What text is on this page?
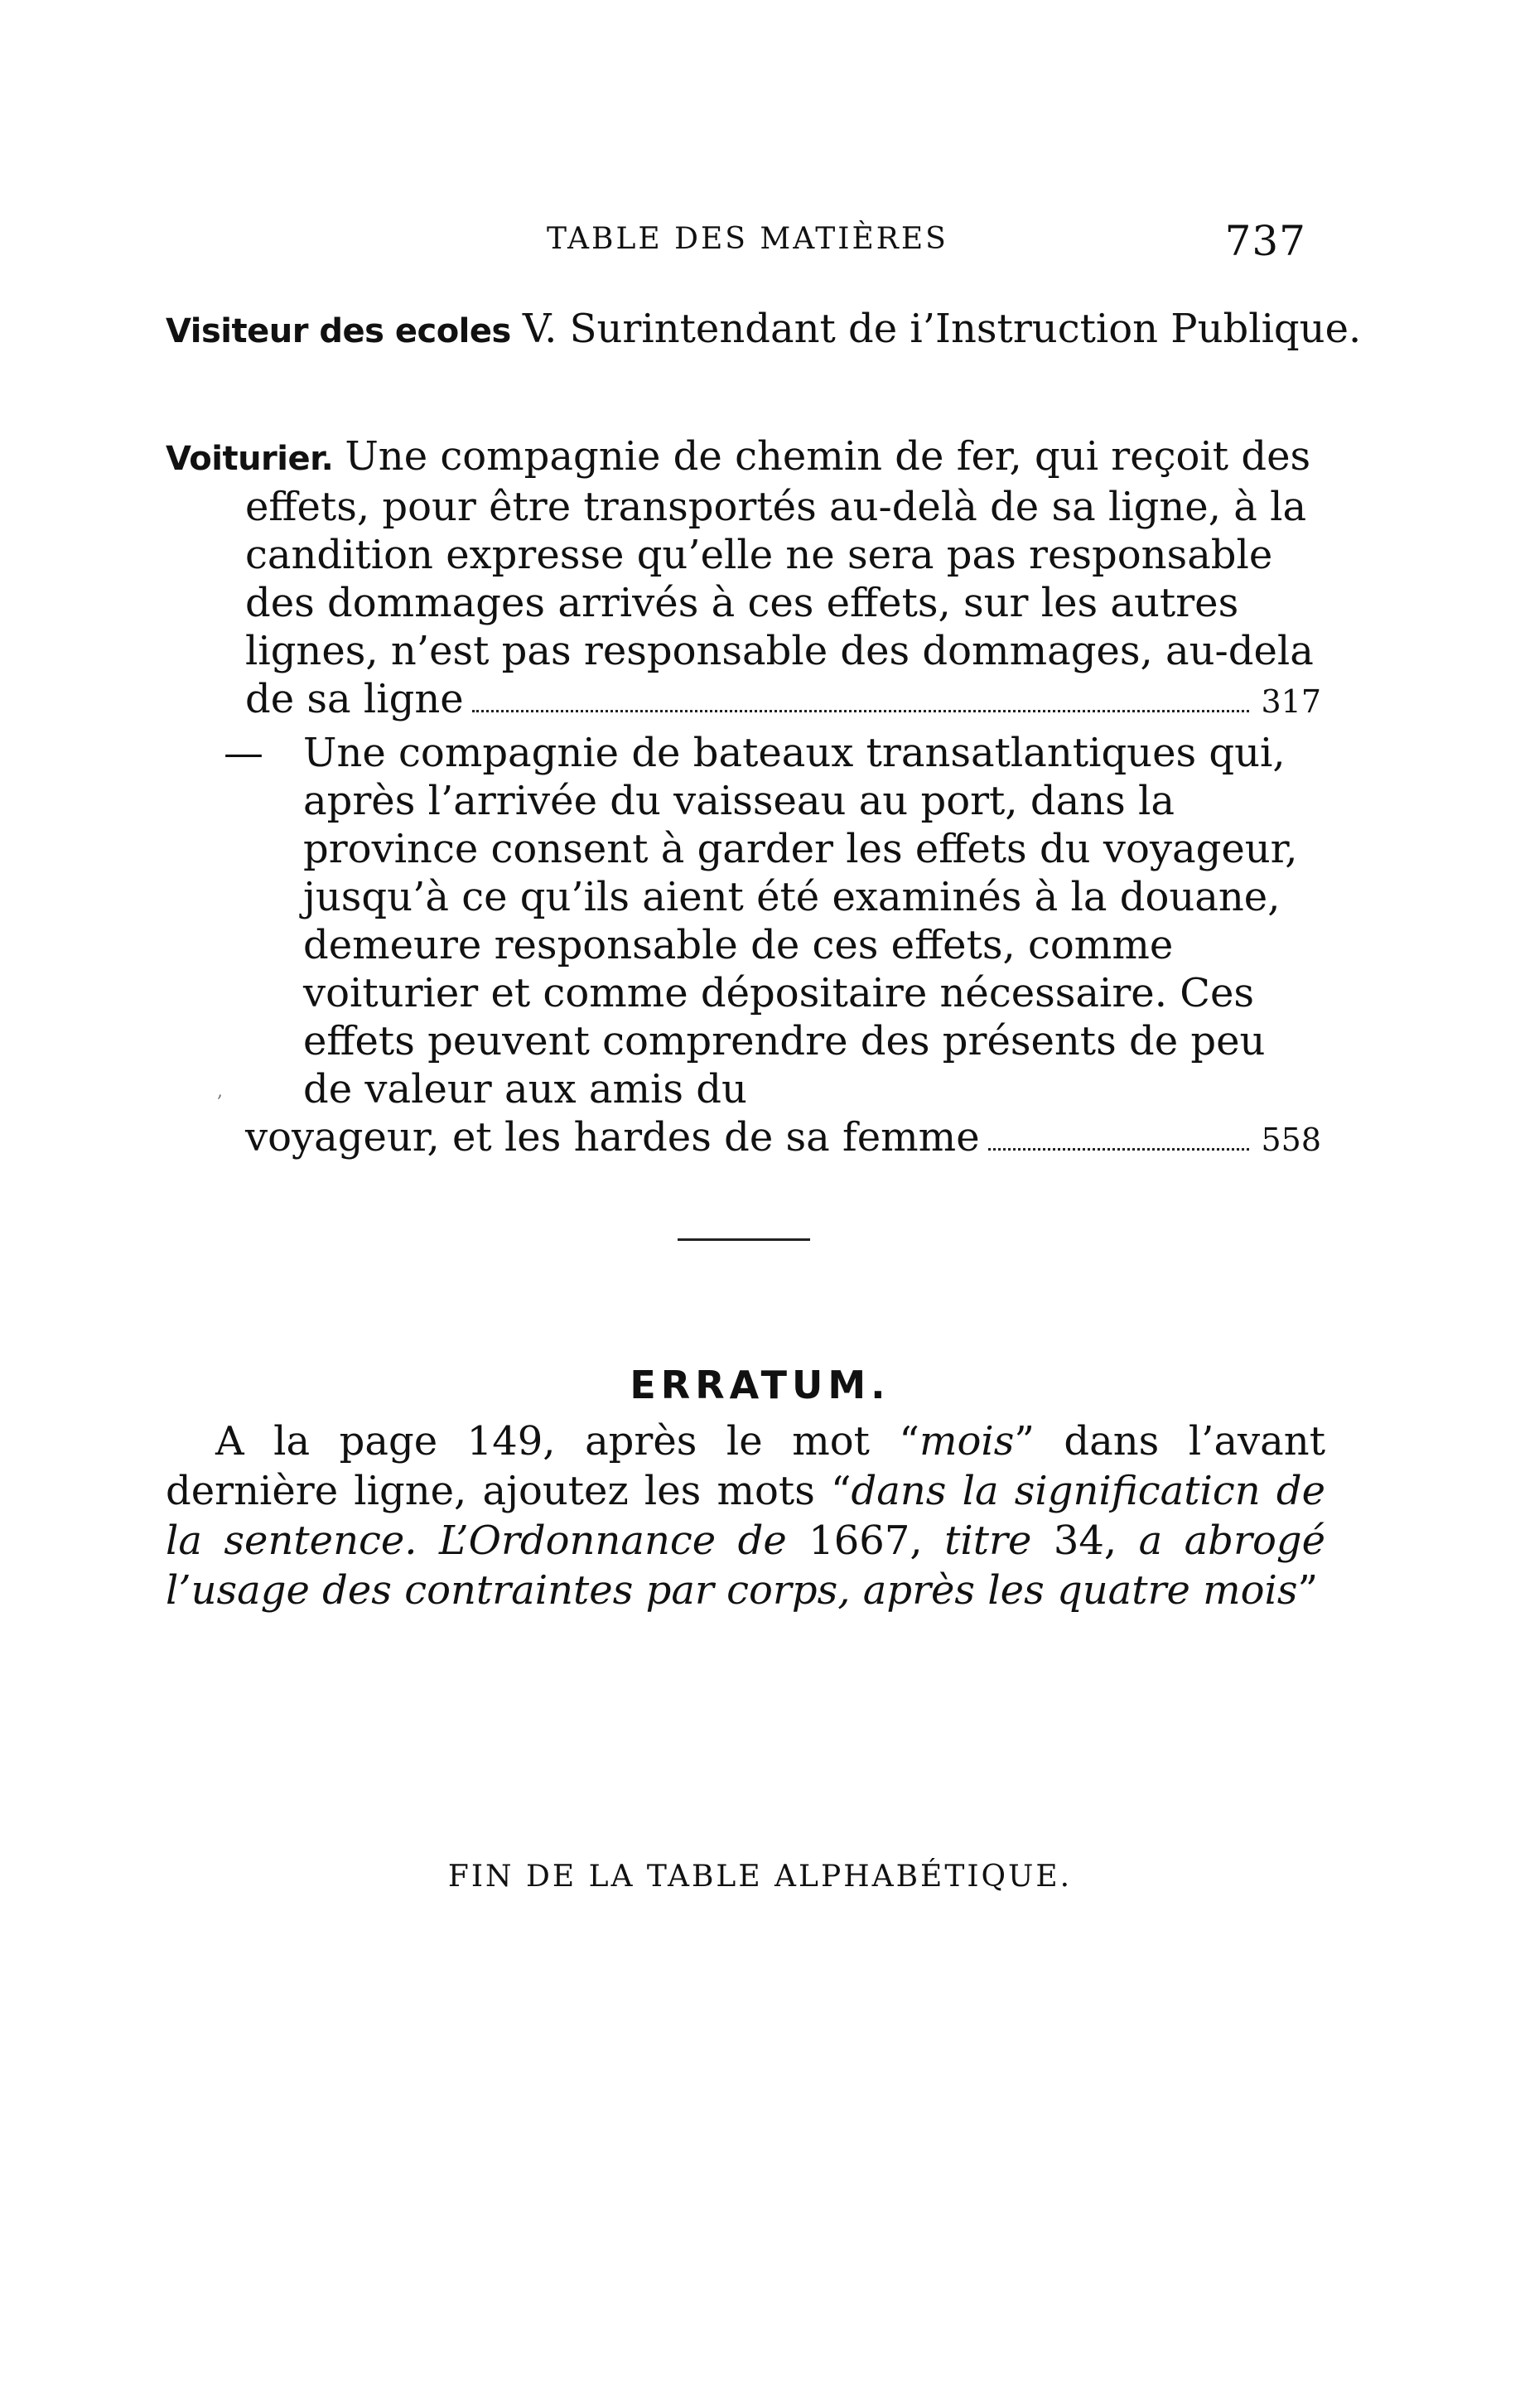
TABLE DES MATIÈRES	737
Visiteur des ecoles V. Surintendant de i’Instruction Publique.
Voiturier. Une compagnie de chemin de fer, qui reçoit des effets, pour être transportés au-delà de sa ligne, à la candition expresse qu’elle ne sera pas responsable des dommages arrivés à ces effets, sur les autres lignes, n’est pas responsable des dommages, au-dela
de sa ligne	317
— Une compagnie de bateaux transatlantiques qui, après l’arrivée du vaisseau au port, dans la province consent à garder les effets du voyageur, jusqu’à ce qu’ils aient été examinés à la douane, demeure responsable de ces effets, comme voiturier et comme dépositaire nécessaire. Ces effets peuvent comprendre des présents de peu de valeur aux amis du
voyageur, et les hardes de sa femme	558
ERRATUM.
A la page 149, après le mot “mois” dans l’avant dernière ligne, ajoutez les mots “dans la significaticn de la sentence. L’Ordonnance de 1667, titre 34, a abrogé l’usage des contraintes par corps, après les quatre mois”
FIN DE LA TABLE ALPHABÉTIQUE.
,
